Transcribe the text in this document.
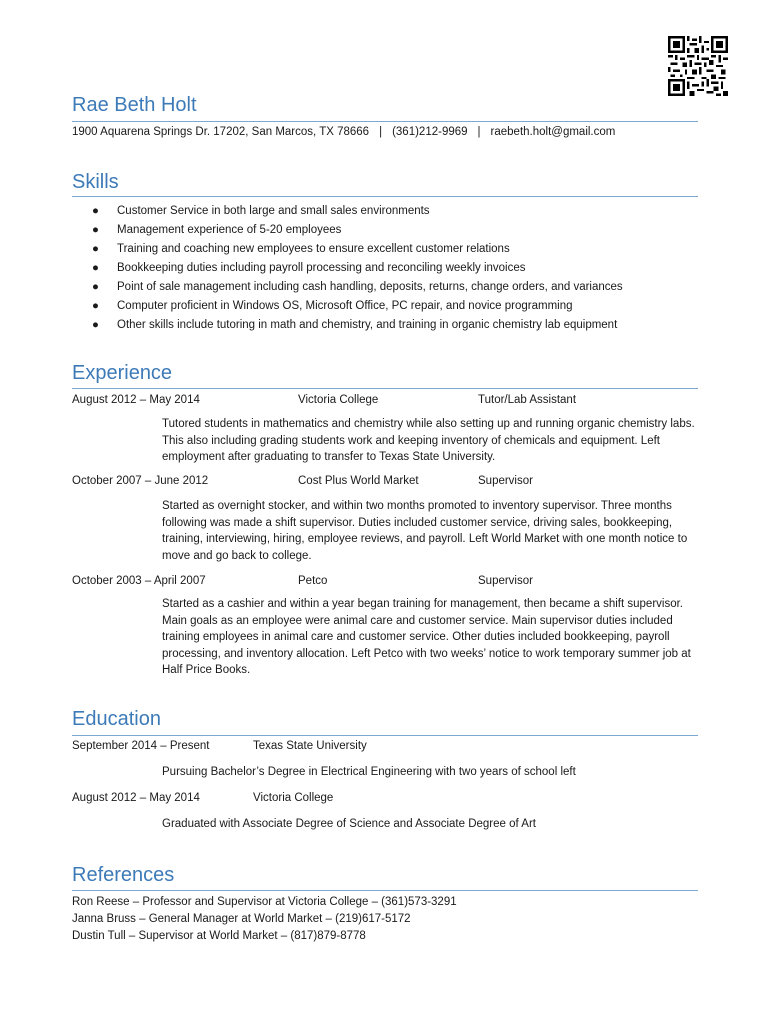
Rae Beth Holt
1900 Aquarena Springs Dr. 17202, San Marcos, TX 78666 | (361)212-9969 | raebeth.holt@gmail.com
Skills
● Customer Service in both large and small sales environments
● Management experience of 5-20 employees
● Training and coaching new employees to ensure excellent customer relations
● Bookkeeping duties including payroll processing and reconciling weekly invoices
● Point of sale management including cash handling, deposits, returns, change orders, and variances
● Computer proficient in Windows OS, Microsoft Office, PC repair, and novice programming
● Other skills include tutoring in math and chemistry, and training in organic chemistry lab equipment
Experience
August 2012 – May 2014	Victoria College	Tutor/Lab Assistant
Tutored students in mathematics and chemistry while also setting up and running organic chemistry labs. This also including grading students work and keeping inventory of chemicals and equipment. Left employment after graduating to transfer to Texas State University.
October 2007 – June 2012	Cost Plus World Market	Supervisor
Started as overnight stocker, and within two months promoted to inventory supervisor. Three months following was made a shift supervisor. Duties included customer service, driving sales, bookkeeping, training, interviewing, hiring, employee reviews, and payroll. Left World Market with one month notice to move and go back to college.
October 2003 – April 2007	Petco	Supervisor
Started as a cashier and within a year began training for management, then became a shift supervisor. Main goals as an employee were animal care and customer service. Main supervisor duties included training employees in animal care and customer service. Other duties included bookkeeping, payroll processing, and inventory allocation. Left Petco with two weeks’ notice to work temporary summer job at Half Price Books.
Education
September 2014 – Present	Texas State University
Pursuing Bachelor’s Degree in Electrical Engineering with two years of school left
August 2012 – May 2014	Victoria College
Graduated with Associate Degree of Science and Associate Degree of Art
References
Ron Reese – Professor and Supervisor at Victoria College – (361)573-3291
Janna Bruss – General Manager at World Market – (219)617-5172
Dustin Tull – Supervisor at World Market – (817)879-8778
